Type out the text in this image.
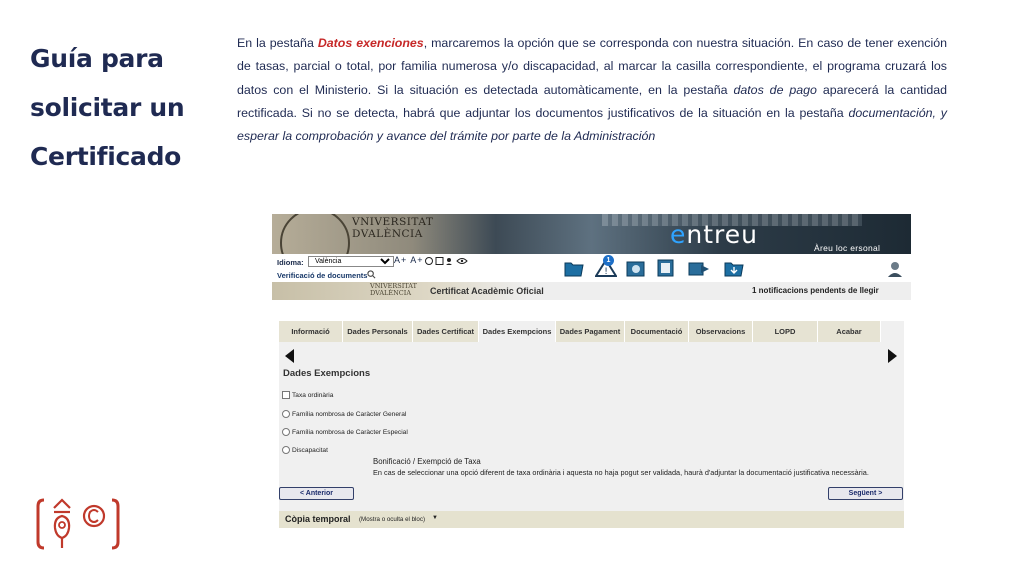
Guía para
solicitar un
Certificado
En la pestaña Datos exenciones, marcaremos la opción que se corresponda con nuestra situación. En caso de tener exención de tasas, parcial o total, por familia numerosa y/o discapacidad, al marcar la casilla correspondiente, el programa cruzará los datos con el Ministerio. Si la situación es detectada automàticamente, en la pestaña datos de pago aparecerá la cantidad rectificada. Si no se detecta, habrá que adjuntar los documentos justificativos de la situación en la pestaña documentación, y esperar la comprobación y avance del trámite por parte de la Administración
VNIVERSITAT
DVALÈNCIA	entreu	Àreu loc ersonal
Idioma:
València	A+ A+
Verificació de documents	!
1
VNIVERSITAT
DVALÈNCIA	Certificat Acadèmic Oficial	1 notificacions pendents de llegir
Informació	Dades Personals	Dades Certificat	Dades Exempcions	Dades Pagament	Documentació	Observacions	LOPD	Acabar
Dades Exempcions
Taxa ordinària
Família nombrosa de Caràcter General
Família nombrosa de Caràcter Especial
Discapacitat
Bonificació / Exempció de Taxa
En cas de seleccionar una opció diferent de taxa ordinària i aquesta no haja pogut ser validada, haurà d'adjuntar la documentació justificativa necessària.
< Anterior	Següent >
Còpia temporal (Mostra o oculta el bloc) ▼
